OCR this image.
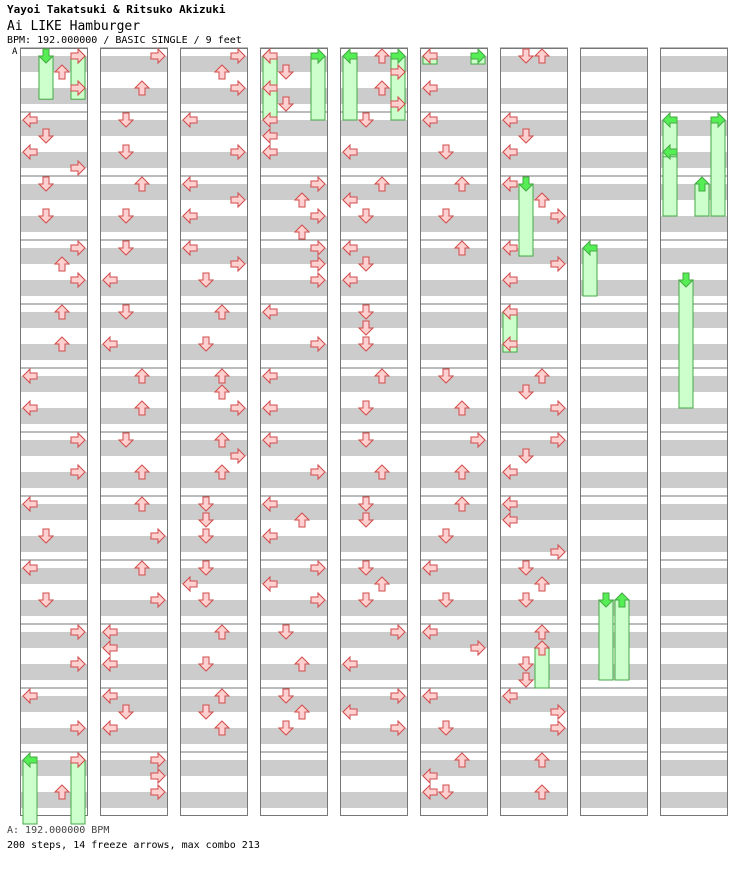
Yayoi Takatsuki & Ritsuko Akizuki
Ai LIKE Hamburger
BPM: 192.000000 / BASIC SINGLE / 9 feet
A
A: 192.000000 BPM
200 steps, 14 freeze arrows, max combo 213
